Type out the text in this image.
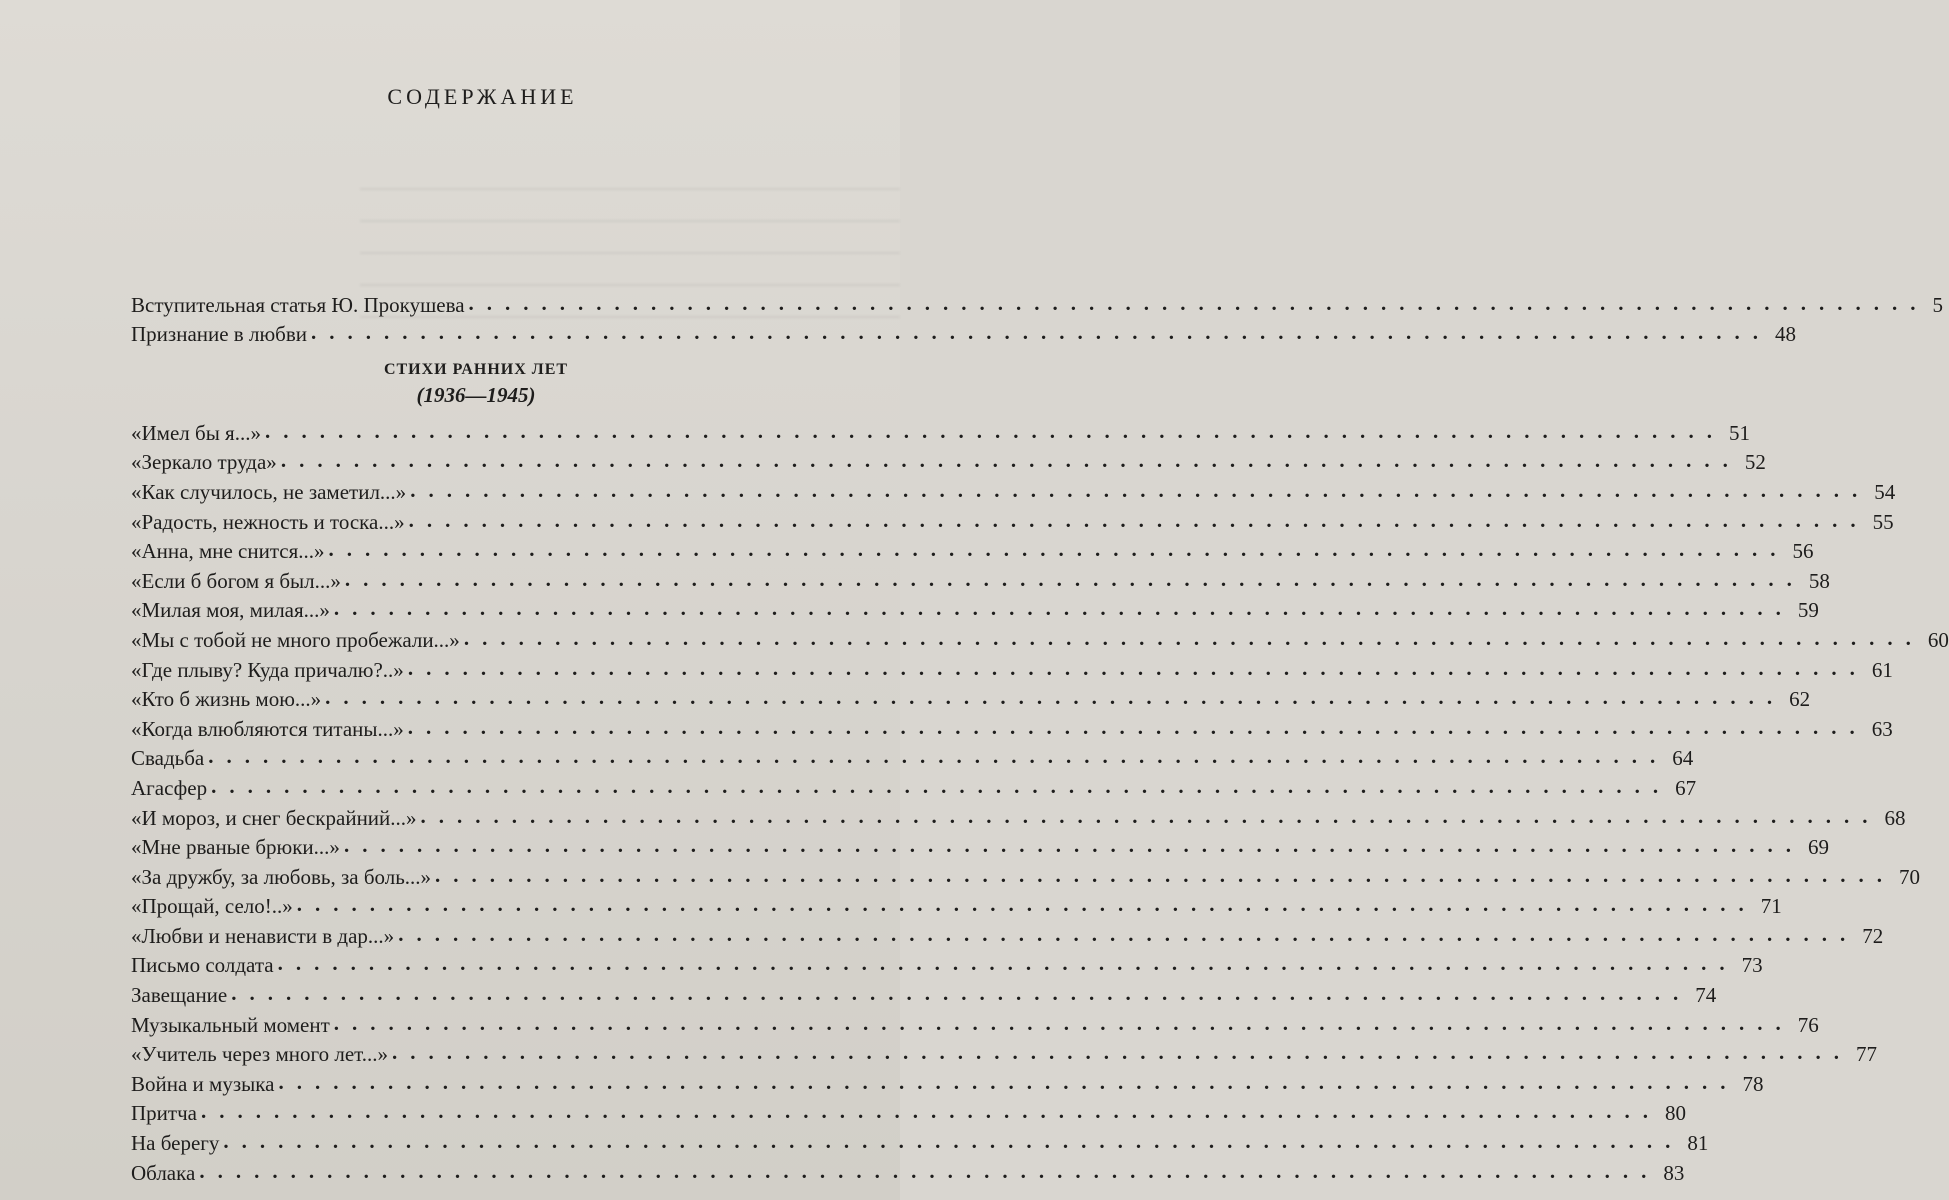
СОДЕРЖАНИЕ
Вступительная статья Ю. Прокушева ................................................................................ 5
Признание в любви ................................................................................ 48
СТИХИ РАННИХ ЛЕТ
(1936—1945)
«Имел бы я...» ................................................................................ 51
«Зеркало труда» ................................................................................ 52
«Как случилось, не заметил...» ................................................................................ 54
«Радость, нежность и тоска...» ................................................................................ 55
«Анна, мне снится...» ................................................................................ 56
«Если б богом я был...» ................................................................................ 58
«Милая моя, милая...» ................................................................................ 59
«Мы с тобой не много пробежали...» ................................................................................ 60
«Где плыву? Куда причалю?..» ................................................................................ 61
«Кто б жизнь мою...» ................................................................................ 62
«Когда влюбляются титаны...» ................................................................................ 63
Свадьба ................................................................................ 64
Агасфер ................................................................................ 67
«И мороз, и снег бескрайний...» ................................................................................ 68
«Мне рваные брюки...» ................................................................................ 69
«За дружбу, за любовь, за боль...» ................................................................................ 70
«Прощай, село!..» ................................................................................ 71
«Любви и ненависти в дар...» ................................................................................ 72
Письмо солдата ................................................................................ 73
Завещание ................................................................................ 74
Музыкальный момент ................................................................................ 76
«Учитель через много лет...» ................................................................................ 77
Война и музыка ................................................................................ 78
Притча ................................................................................ 80
На берегу ................................................................................ 81
Облака ................................................................................ 83
